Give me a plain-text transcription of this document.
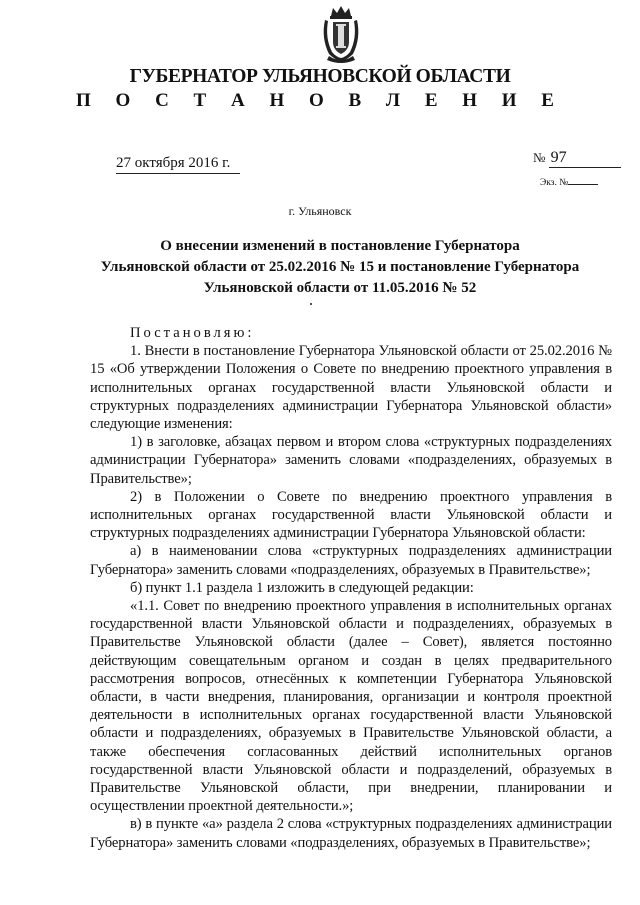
ГУБЕРНАТОР УЛЬЯНОВСКОЙ ОБЛАСТИ
П О С Т А Н О В Л Е Н И Е
27 октября 2016 г.	№ 97
Экз. №
г. Ульяновск
О внесении изменений в постановление Губернатора
Ульяновской области от 25.02.2016 № 15 и постановление Губернатора
Ульяновской области от 11.05.2016 № 52

Постановляю:

1. Внести в постановление Губернатора Ульяновской области от 25.02.2016 № 15 «Об утверждении Положения о Совете по внедрению проектного управления в исполнительных органах государственной власти Ульяновской области и структурных подразделениях администрации Губернатора Ульяновской области» следующие изменения:

1) в заголовке, абзацах первом и втором слова «структурных подразделениях администрации Губернатора» заменить словами «подразделениях, образуемых в Правительстве»;

2) в Положении о Совете по внедрению проектного управления в исполнительных органах государственной власти Ульяновской области и структурных подразделениях администрации Губернатора Ульяновской области:

а) в наименовании слова «структурных подразделениях администрации Губернатора» заменить словами «подразделениях, образуемых в Правительстве»;

б) пункт 1.1 раздела 1 изложить в следующей редакции:

«1.1. Совет по внедрению проектного управления в исполнительных органах государственной власти Ульяновской области и подразделениях, образуемых в Правительстве Ульяновской области (далее – Совет), является постоянно действующим совещательным органом и создан в целях предварительного рассмотрения вопросов, отнесённых к компетенции Губернатора Ульяновской области, в части внедрения, планирования, организации и контроля проектной деятельности в исполнительных органах государственной власти Ульяновской области и подразделениях, образуемых в Правительстве Ульяновской области, а также обеспечения согласованных действий исполнительных органов государственной власти Ульяновской области и подразделений, образуемых в Правительстве Ульяновской области, при внедрении, планировании и осуществлении проектной деятельности.»;

в) в пункте «а» раздела 2 слова «структурных подразделениях администрации Губернатора» заменить словами «подразделениях, образуемых в Правительстве»;
